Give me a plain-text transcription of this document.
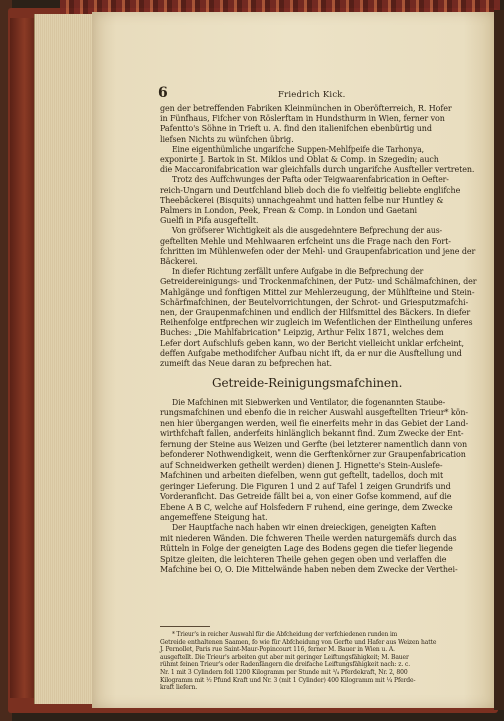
6	Friedrich Kick.
gen der betreffenden Fabriken Kleinmünchen in Oberöfterreich, R. Hofer
in Fünfhaus, Fifcher von Röslerftam in Hundsthurm in Wien, ferner von
Pafentto's Söhne in Trieft u. A. find den italienifchen ebenbürtig und
liefsen Nichts zu wünfchen übrig.
Eine eigenthümliche ungarifche Suppen-Mehlfpeife die Tarhonya,
exponirte J. Bartok in St. Miklos und Oblat & Comp. in Szegedin; auch
die Maccaronifabrication war gleichfalls durch ungarifche Ausfteller vertreten.
Trotz des Auffchwunges der Pafta oder Teigwaarenfabrication in Oefter-
reich-Ungarn und Deutfchland blieb doch die fo vielfeitig beliebte englifche
Theebäckerei (Bisquits) unnachgeahmt und hatten felbe nur Huntley &
Palmers in London, Peek, Frean & Comp. in London und Gaetani
Guelfi in Pifa ausgeftellt.
Von gröfserer Wichtigkeit als die ausgedehntere Befprechung der aus-
geftellten Mehle und Mehlwaaren erfcheint uns die Frage nach den Fort-
fchritten im Mühlenwefen oder der Mehl- und Graupenfabrication und jene der
Bäckerei.
In diefer Richtung zerfällt unfere Aufgabe in die Befprechung der
Getreidereinigungs- und Trockenmafchinen, der Putz- und Schälmafchinen, der
Mahlgänge und fonftigen Mittel zur Mehlerzeugung, der Mühlfteine und Stein-
Schärfmafchinen, der Beutelvorrichtungen, der Schrot- und Griesputzmafchi-
nen, der Graupenmafchinen und endlich der Hilfsmittel des Bäckers. In diefer
Reihenfolge entfprechen wir zugleich im Wefentlichen der Eintheilung unferes
Buches: „Die Mahlfabrication" Leipzig, Arthur Felix 1871, welches dem
Lefer dort Aufschlufs geben kann, wo der Bericht vielleicht unklar erfcheint,
deffen Aufgabe methodifcher Aufbau nicht ift, da er nur die Ausftellung und
zumeift das Neue daran zu befprechen hat.
Getreide-Reinigungsmafchinen.
Die Mafchinen mit Siebwerken und Ventilator, die fogenannten Staube-
rungsmafchinen und ebenfo die in reicher Auswahl ausgeftellten Trieur* kön-
nen hier übergangen werden, weil fie einerfeits mehr in das Gebiet der Land-
wirthfchaft fallen, anderfeits hinlänglich bekannt find. Zum Zwecke der Ent-
fernung der Steine aus Weizen und Gerfte (bei letzterer namentlich dann von
befonderer Nothwendigkeit, wenn die Gerftenkörner zur Graupenfabrication
auf Schneidwerken getheilt werden) dienen J. Hignette's Stein-Auslefe-
Mafchinen und arbeiten diefelben, wenn gut geftellt, tadellos, doch mit
geringer Lieferung. Die Figuren 1 und 2 auf Tafel 1 zeigen Grundrifs und
Vorderanficht. Das Getreide fällt bei a, von einer Gofse kommend, auf die
Ebene A B C, welche auf Holsfedern F ruhend, eine geringe, dem Zwecke
angemeffene Steigung hat.
Der Hauptfache nach haben wir einen dreieckigen, geneigten Kaften
mit niederen Wänden. Die fchweren Theile werden naturgemäfs durch das
Rütteln in Folge der geneigten Lage des Bodens gegen die tiefer liegende
Spitze gleiten, die leichteren Theile gehen gegen oben und verlaffen die
Mafchine bei O, O. Die Mittelwände haben neben dem Zwecke der Verthei-
* Trieur's in reicher Auswahl für die Abfcheidung der verfchiedenen runden im
Getreide enthaltenen Saamen, fo wie für Abfcheidung von Gerfte und Hafer aus Weizen hatte
J. Pernollet, Paris rue Saint-Maur-Popincourt 116, ferner M. Bauer in Wien u. A.
ausgeftellt. Die Trieur's arbeiten gut aber mit geringer Leiftungsfähigkeit; M. Bauer
rühmt feinen Trieur's oder Radenfängern die dreifache Leiftungsfähigkeit nach: z. c.
Nr. 1 mit 3 Cylindern foll 1200 Kilogramm per Stunde mit ³/₄ Pferdekraft, Nr. 2, 800
Kilogramm mit ½ Pfund Kraft und Nr. 3 (mit 1 Cylinder) 400 Kilogramm mit ¼ Pferde-
kraft liefern.
